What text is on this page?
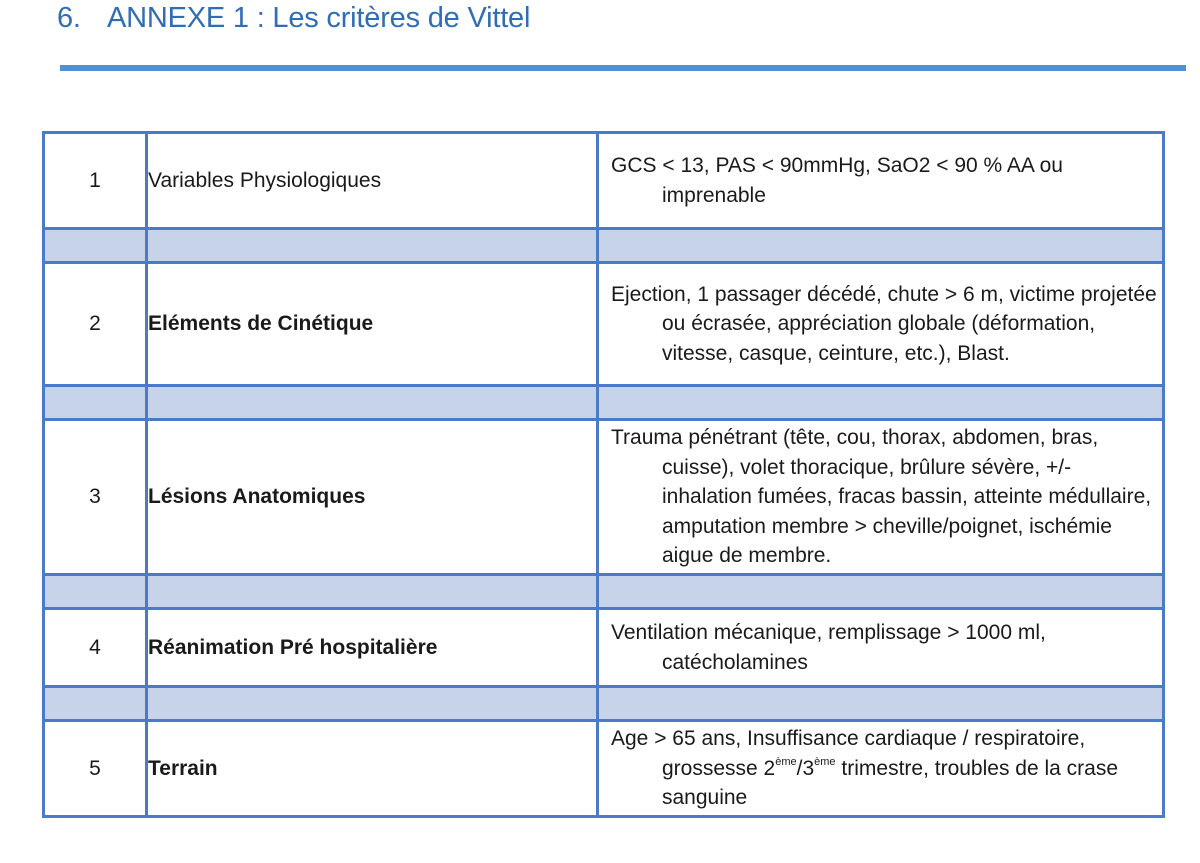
6. ANNEXE 1 : Les critères de Vittel
1	Variables Physiologiques	GCS < 13, PAS < 90mmHg, SaO2 < 90 % AA ou imprenable

2	Eléments de Cinétique	Ejection, 1 passager décédé, chute > 6 m, victime projetée ou écrasée, appréciation globale (déformation, vitesse, casque, ceinture, etc.), Blast.

3	Lésions Anatomiques	Trauma pénétrant (tête, cou, thorax, abdomen, bras, cuisse), volet thoracique, brûlure sévère, +/- inhalation fumées, fracas bassin, atteinte médullaire, amputation membre > cheville/poignet, ischémie aigue de membre.

4	Réanimation Pré hospitalière	Ventilation mécanique, remplissage > 1000 ml, catécholamines

5	Terrain	Age > 65 ans, Insuffisance cardiaque / respiratoire, grossesse 2ème/3ème trimestre, troubles de la crase sanguine
